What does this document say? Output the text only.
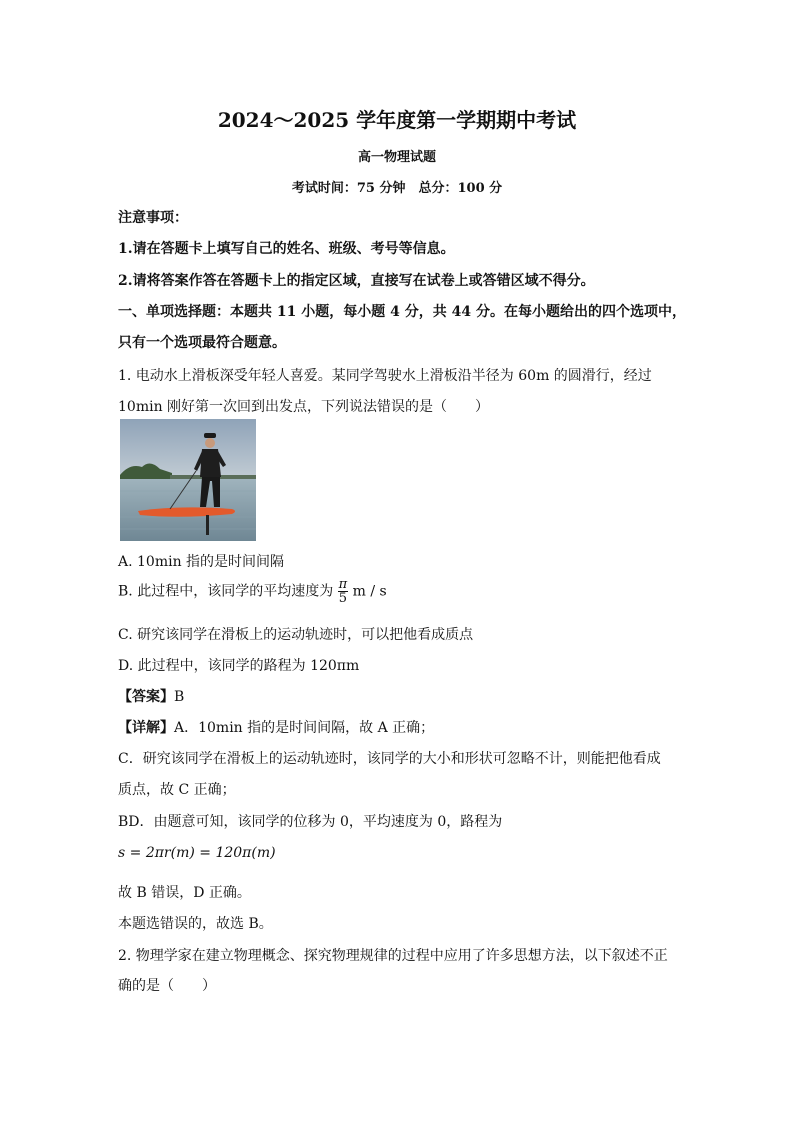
2024～2025 学年度第一学期期中考试
高一物理试题
考试时间：75 分钟　总分：100 分
注意事项：
1.请在答题卡上填写自己的姓名、班级、考号等信息。
2.请将答案作答在答题卡上的指定区域，直接写在试卷上或答错区域不得分。
一、单项选择题：本题共 11 小题，每小题 4 分，共 44 分。在每小题给出的四个选项中，
只有一个选项最符合题意。
1. 电动水上滑板深受年轻人喜爱。某同学驾驶水上滑板沿半径为 60m 的圆滑行，经过
10min 刚好第一次回到出发点，下列说法错误的是（　　）
A. 10min 指的是时间间隔
B. 此过程中，该同学的平均速度为 $\frac{\pi}{5}$ m / s
C. 研究该同学在滑板上的运动轨迹时，可以把他看成质点
D. 此过程中，该同学的路程为 120πm
【答案】B
【详解】A．10min 指的是时间间隔，故 A 正确；
C．研究该同学在滑板上的运动轨迹时，该同学的大小和形状可忽略不计，则能把他看成
质点，故 C 正确；
BD．由题意可知，该同学的位移为 0，平均速度为 0，路程为
s = 2πr(m) = 120π(m)
故 B 错误，D 正确。
本题选错误的，故选 B。
2. 物理学家在建立物理概念、探究物理规律的过程中应用了许多思想方法，以下叙述不正
确的是（　　）
